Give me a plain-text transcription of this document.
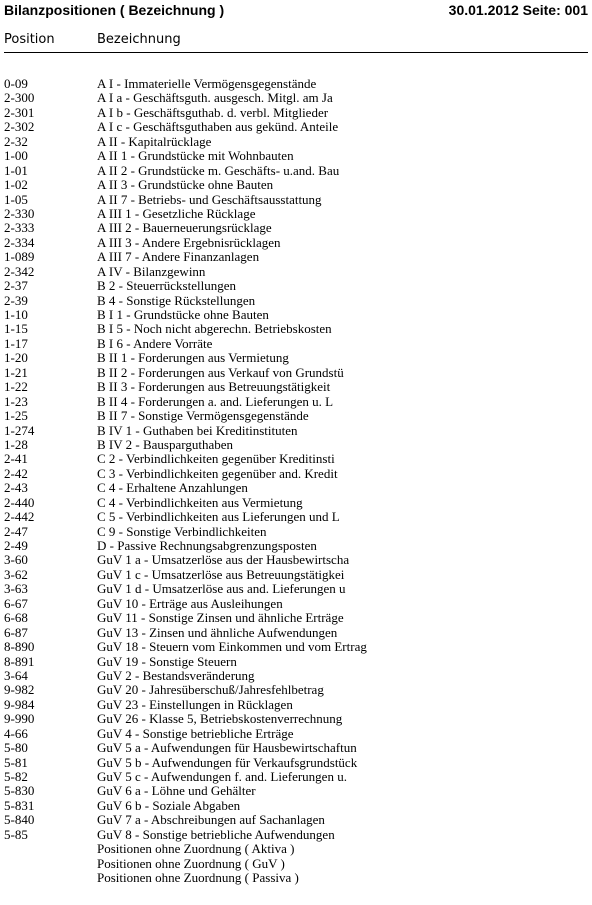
Bilanzpositionen ( Bezeichnung )	30.01.2012 Seite: 001
Position	Bezeichnung
0-09	A I - Immaterielle Vermögensgegenstände
2-300	A I a - Geschäftsguth. ausgesch. Mitgl. am Ja
2-301	A I b - Geschäftsguthab. d. verbl. Mitglieder
2-302	A I c - Geschäftsguthaben aus gekünd. Anteile
2-32	A II - Kapitalrücklage
1-00	A II 1 - Grundstücke mit Wohnbauten
1-01	A II 2 - Grundstücke m. Geschäfts- u.and. Bau
1-02	A II 3 - Grundstücke ohne Bauten
1-05	A II 7 - Betriebs- und Geschäftsausstattung
2-330	A III 1 - Gesetzliche Rücklage
2-333	A III 2 - Bauerneuerungsrücklage
2-334	A III 3 - Andere Ergebnisrücklagen
1-089	A III 7 - Andere Finanzanlagen
2-342	A IV - Bilanzgewinn
2-37	B 2 - Steuerrückstellungen
2-39	B 4 - Sonstige Rückstellungen
1-10	B I 1 - Grundstücke ohne Bauten
1-15	B I 5 - Noch nicht abgerechn. Betriebskosten
1-17	B I 6 - Andere Vorräte
1-20	B II 1 - Forderungen aus Vermietung
1-21	B II 2 - Forderungen aus Verkauf von Grundstü
1-22	B II 3 - Forderungen aus Betreuungstätigkeit
1-23	B II 4 - Forderungen a. and. Lieferungen u. L
1-25	B II 7 - Sonstige Vermögensgegenstände
1-274	B IV 1 - Guthaben bei Kreditinstituten
1-28	B IV 2 - Bausparguthaben
2-41	C 2 - Verbindlichkeiten gegenüber Kreditinsti
2-42	C 3 - Verbindlichkeiten gegenüber and. Kredit
2-43	C 4 - Erhaltene Anzahlungen
2-440	C 4 - Verbindlichkeiten aus Vermietung
2-442	C 5 - Verbindlichkeiten aus Lieferungen und L
2-47	C 9 - Sonstige Verbindlichkeiten
2-49	D - Passive Rechnungsabgrenzungsposten
3-60	GuV 1 a - Umsatzerlöse aus der Hausbewirtscha
3-62	GuV 1 c - Umsatzerlöse aus Betreuungstätigkei
3-63	GuV 1 d - Umsatzerlöse aus and. Lieferungen u
6-67	GuV 10 - Erträge aus Ausleihungen
6-68	GuV 11 - Sonstige Zinsen und ähnliche Erträge
6-87	GuV 13 - Zinsen und ähnliche Aufwendungen
8-890	GuV 18 - Steuern vom Einkommen und vom Ertrag
8-891	GuV 19 - Sonstige Steuern
3-64	GuV 2 - Bestandsveränderung
9-982	GuV 20 - Jahresüberschuß/Jahresfehlbetrag
9-984	GuV 23 - Einstellungen in Rücklagen
9-990	GuV 26 - Klasse 5, Betriebskostenverrechnung
4-66	GuV 4 - Sonstige betriebliche Erträge
5-80	GuV 5 a - Aufwendungen für Hausbewirtschaftun
5-81	GuV 5 b - Aufwendungen für Verkaufsgrundstück
5-82	GuV 5 c - Aufwendungen f. and. Lieferungen u.
5-830	GuV 6 a - Löhne und Gehälter
5-831	GuV 6 b - Soziale Abgaben
5-840	GuV 7 a - Abschreibungen auf Sachanlagen
5-85	GuV 8 - Sonstige betriebliche Aufwendungen
Positionen ohne Zuordnung ( Aktiva )
Positionen ohne Zuordnung ( GuV )
Positionen ohne Zuordnung ( Passiva )
